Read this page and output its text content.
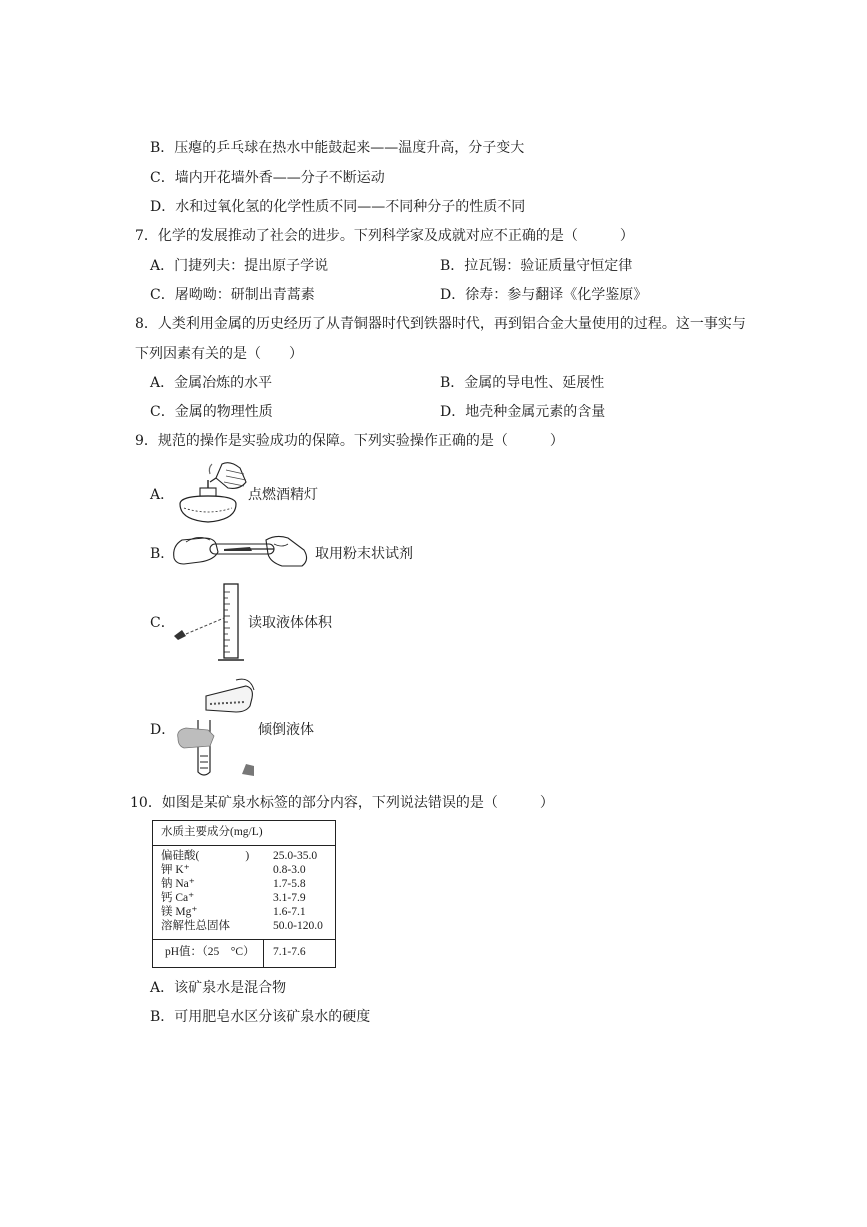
B．压瘪的乒乓球在热水中能鼓起来——温度升高，分子变大
C．墙内开花墙外香——分子不断运动
D．水和过氧化氢的化学性质不同——不同种分子的性质不同
7．化学的发展推动了社会的进步。下列科学家及成就对应不正确的是（　　　）
A．门捷列夫：提出原子学说	B．拉瓦锡：验证质量守恒定律
C．屠呦呦：研制出青蒿素	D．徐寿：参与翻译《化学鉴原》
8．人类利用金属的历史经历了从青铜器时代到铁器时代，再到铝合金大量使用的过程。这一事实与
下列因素有关的是（　　）
A．金属冶炼的水平	B．金属的导电性、延展性
C．金属的物理性质	D．地壳种金属元素的含量
9．规范的操作是实验成功的保障。下列实验操作正确的是（　　　）
A．	点燃酒精灯
B．	取用粉末状试剂
C．	读取液体体积
D．	倾倒液体
10．如图是某矿泉水标签的部分内容，下列说法错误的是（　　　）
水质主要成分(mg/L)
偏硅酸(　　　　) 25.0-35.0
钾 K⁺	0.8-3.0
钠 Na⁺	1.7-5.8
钙 Ca⁺	3.1-7.9
镁 Mg⁺	1.6-7.1
溶解性总固体	50.0-120.0
pH值：（25　°C） 7.1-7.6
A．该矿泉水是混合物
B．可用肥皂水区分该矿泉水的硬度
